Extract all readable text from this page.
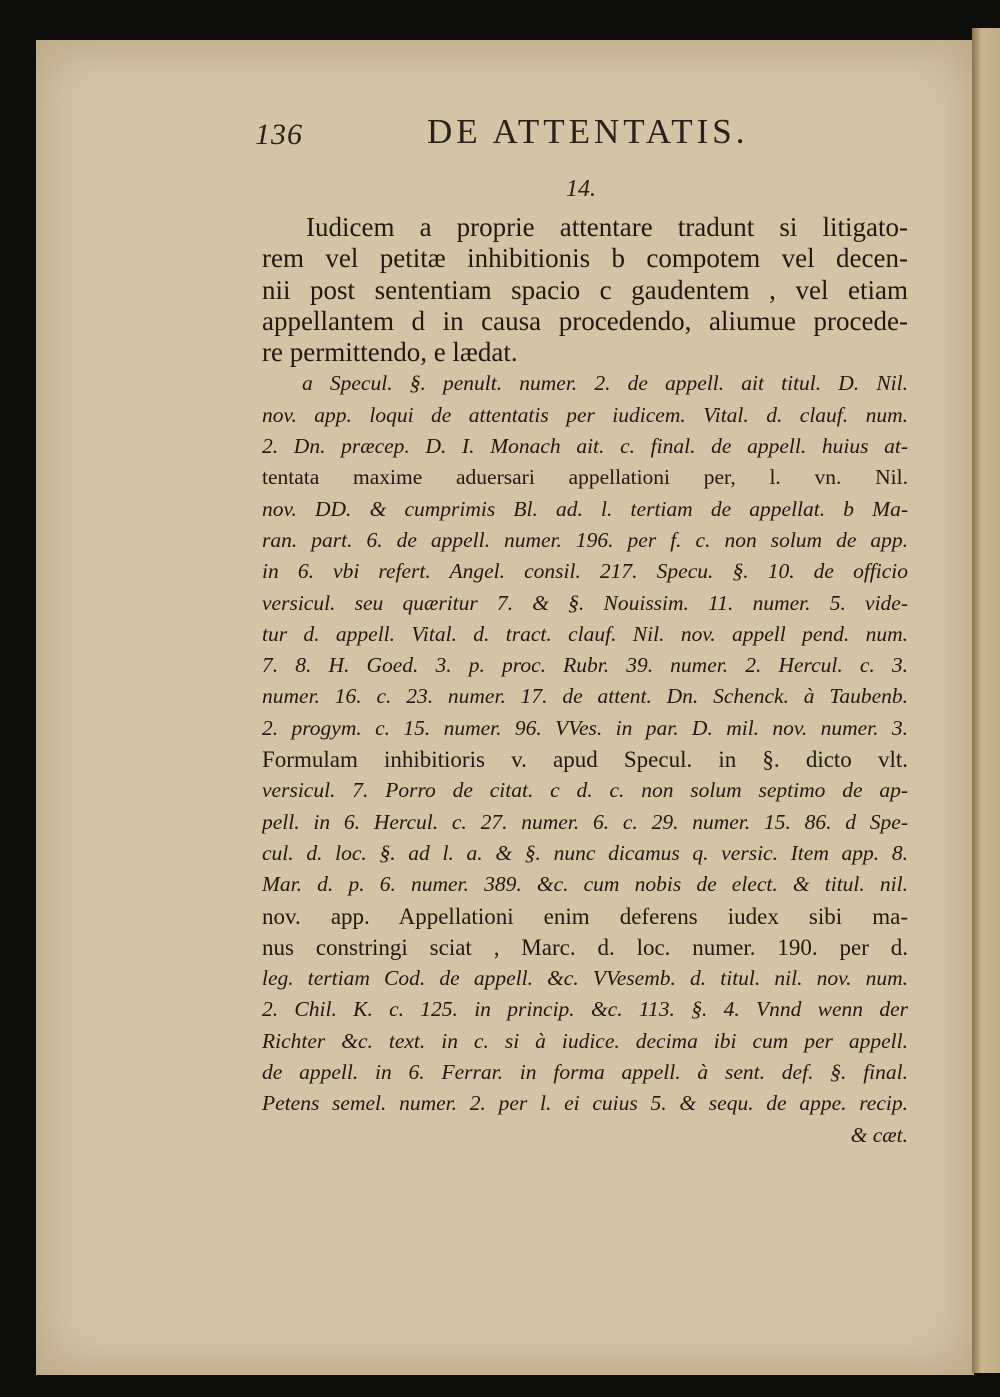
136	DE ATTENTATIS.
14.
Iudicem a proprie attentare tradunt si litigato-
rem vel petitæ inhibitionis b compotem vel decen-
nii post sententiam spacio c gaudentem , vel etiam
appellantem d in causa procedendo, aliumue procede-
re permittendo, e lædat.
a Specul. §. penult. numer. 2. de appell. ait titul. D. Nil.
nov. app. loqui de attentatis per iudicem. Vital. d. clauf. num.
2. Dn. præcep. D. I. Monach ait. c. final. de appell. huius at-
tentata maxime aduersari appellationi per, l. vn. Nil.
nov. DD. & cumprimis Bl. ad. l. tertiam de appellat. b Ma-
ran. part. 6. de appell. numer. 196. per f. c. non solum de app.
in 6. vbi refert. Angel. consil. 217. Specu. §. 10. de officio
versicul. seu quæritur 7. & §. Nouissim. 11. numer. 5. vide-
tur d. appell. Vital. d. tract. clauf. Nil. nov. appell pend. num.
7. 8. H. Goed. 3. p. proc. Rubr. 39. numer. 2. Hercul. c. 3.
numer. 16. c. 23. numer. 17. de attent. Dn. Schenck. à Taubenb.
2. progym. c. 15. numer. 96. VVes. in par. D. mil. nov. numer. 3.
Formulam inhibitioris v. apud Specul. in §. dicto vlt.
versicul. 7. Porro de citat. c d. c. non solum septimo de ap-
pell. in 6. Hercul. c. 27. numer. 6. c. 29. numer. 15. 86. d Spe-
cul. d. loc. §. ad l. a. & §. nunc dicamus q. versic. Item app. 8.
Mar. d. p. 6. numer. 389. &c. cum nobis de elect. & titul. nil.
nov. app. Appellationi enim deferens iudex sibi ma-
nus constringi sciat , Marc. d. loc. numer. 190. per d.
leg. tertiam Cod. de appell. &c. VVesemb. d. titul. nil. nov. num.
2. Chil. K. c. 125. in princip. &c. 113. §. 4. Vnnd wenn der
Richter &c. text. in c. si à iudice. decima ibi cum per appell.
de appell. in 6. Ferrar. in forma appell. à sent. def. §. final.
Petens semel. numer. 2. per l. ei cuius 5. & sequ. de appe. recip.
& cæt.
